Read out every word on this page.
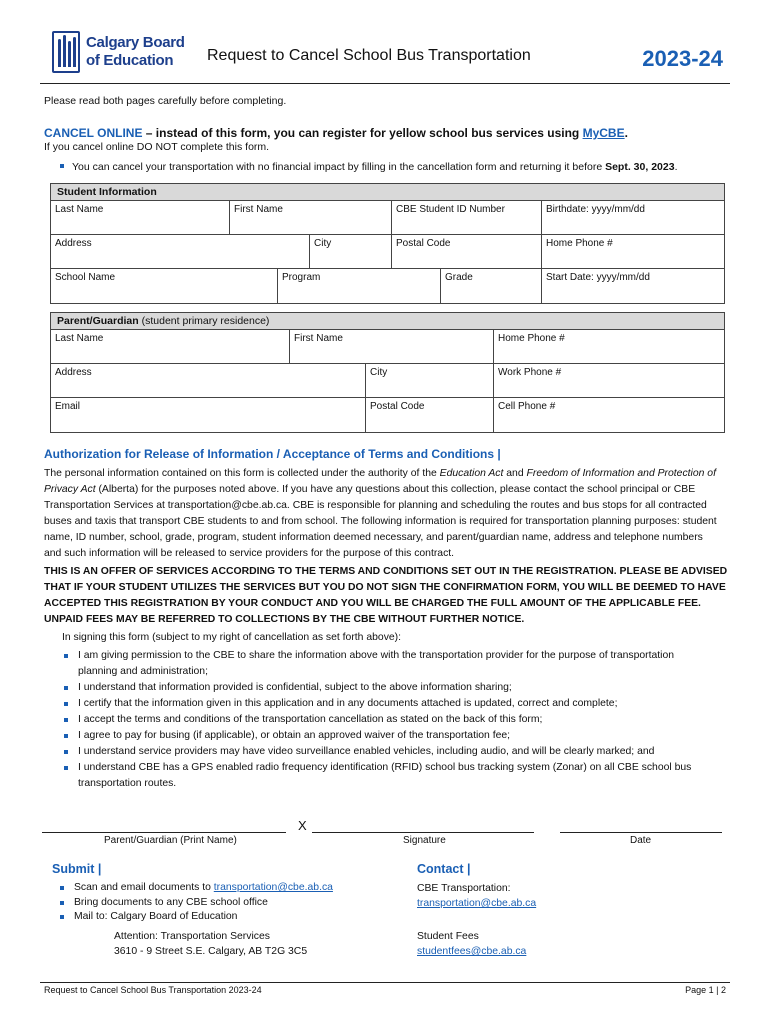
Calgary Board
of Education	Request to Cancel School Bus Transportation	2023-24
Please read both pages carefully before completing.
CANCEL ONLINE – instead of this form, you can register for yellow school bus services using MyCBE.
If you cancel online DO NOT complete this form.
You can cancel your transportation with no financial impact by filling in the cancellation form and returning it before Sept. 30, 2023.
Student Information
Last Name	First Name	CBE Student ID Number	Birthdate: yyyy/mm/dd
Address	City	Postal Code	Home Phone #
School Name	Program	Grade	Start Date: yyyy/mm/dd
Parent/Guardian (student primary residence)
Last Name	First Name	Home Phone #
Address	City	Work Phone #
Email	Postal Code	Cell Phone #
Authorization for Release of Information / Acceptance of Terms and Conditions |
The personal information contained on this form is collected under the authority of the Education Act and Freedom of Information and Protection of Privacy Act (Alberta) for the purposes noted above. If you have any questions about this collection, please contact the school principal or CBE Transportation Services at transportation@cbe.ab.ca. CBE is responsible for planning and scheduling the routes and bus stops for all contracted buses and taxis that transport CBE students to and from school. The following information is required for transportation planning purposes: student name, ID number, school, grade, program, student information deemed necessary, and parent/guardian name, address and telephone numbers and such information will be released to service providers for the purpose of this contract.
THIS IS AN OFFER OF SERVICES ACCORDING TO THE TERMS AND CONDITIONS SET OUT IN THE REGISTRATION. PLEASE BE ADVISED THAT IF YOUR STUDENT UTILIZES THE SERVICES BUT YOU DO NOT SIGN THE CONFIRMATION FORM, YOU WILL BE DEEMED TO HAVE ACCEPTED THIS REGISTRATION BY YOUR CONDUCT AND YOU WILL BE CHARGED THE FULL AMOUNT OF THE APPLICABLE FEE. UNPAID FEES MAY BE REFERRED TO COLLECTIONS BY THE CBE WITHOUT FURTHER NOTICE.
In signing this form (subject to my right of cancellation as set forth above):
I am giving permission to the CBE to share the information above with the transportation provider for the purpose of transportation planning and administration;
I understand that information provided is confidential, subject to the above information sharing;
I certify that the information given in this application and in any documents attached is updated, correct and complete;
I accept the terms and conditions of the transportation cancellation as stated on the back of this form;
I agree to pay for busing (if applicable), or obtain an approved waiver of the transportation fee;
I understand service providers may have video surveillance enabled vehicles, including audio, and will be clearly marked; and
I understand CBE has a GPS enabled radio frequency identification (RFID) school bus tracking system (Zonar) on all CBE school bus transportation routes.
X
Parent/Guardian (Print Name)	Signature	Date
Submit |
Scan and email documents to transportation@cbe.ab.ca
Bring documents to any CBE school office
Mail to: Calgary Board of Education
Attention: Transportation Services
3610 - 9 Street S.E. Calgary, AB T2G 3C5
Contact |
CBE Transportation:
transportation@cbe.ab.ca
Student Fees
studentfees@cbe.ab.ca
Request to Cancel School Bus Transportation 2023-24	Page 1 | 2
